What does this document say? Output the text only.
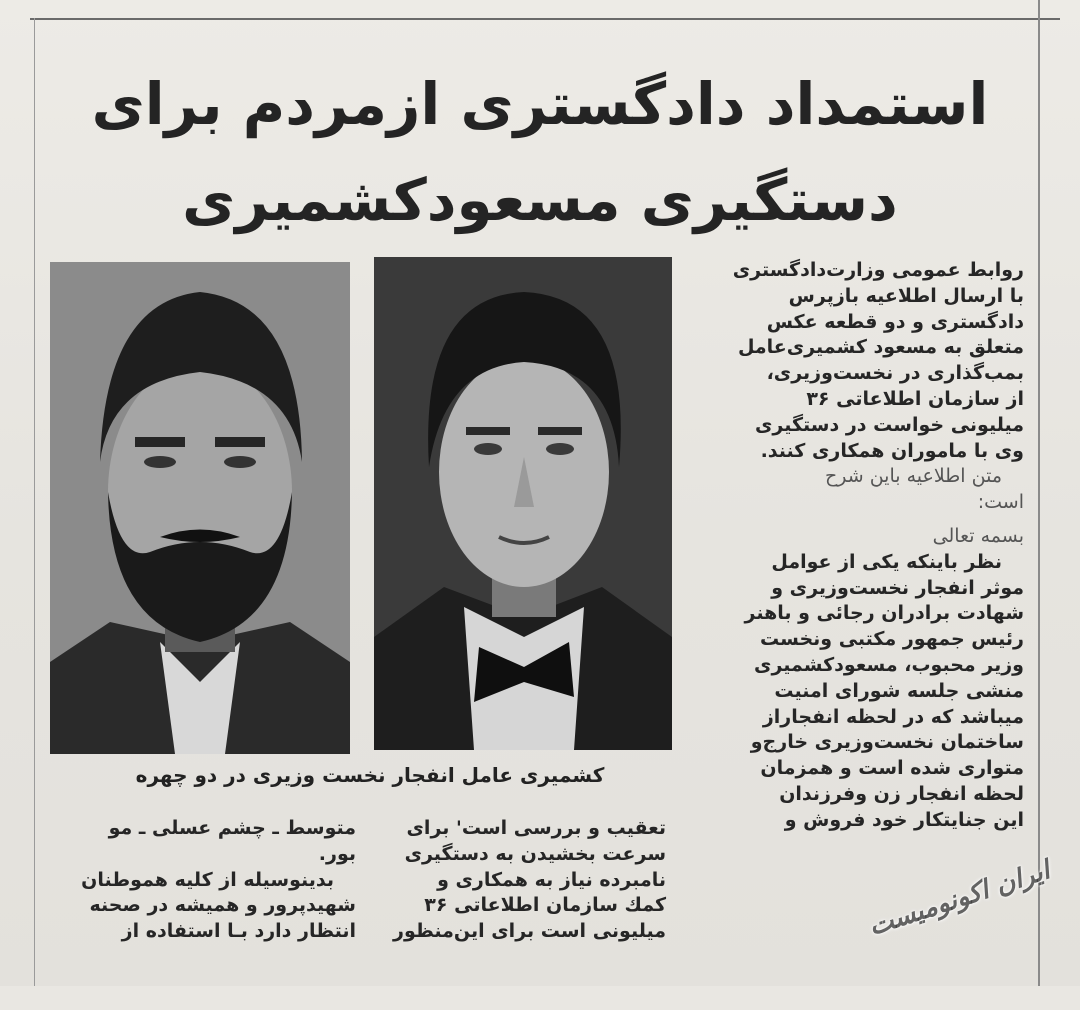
استمداد دادگستری ازمردم برای
دستگیری مسعودکشمیری
کشمیری عامل انفجار نخست وزیری در دو چهره

روابط عمومی وزارت‌دادگستری

با ارسال اطلاعیه بازپرس

دادگستری و دو قطعه عکس

متعلق به مسعود کشمیری‌عامل

بمب‌گذاری در نخست‌وزیری،

از سازمان اطلاعاتی ۳۶

میلیونی خواست در دستگیری

وی با ماموران همکاری کنند.

متن اطلاعیه باین شرح

است:

بسمه تعالی

نظر باینکه یکی از عوامل

موثر انفجار نخست‌وزیری و

شهادت برادران رجائی و باهنر

رئیس جمهور مکتبی ونخست

وزیر محبوب، مسعودکشمیری

منشی جلسه شورای امنیت

میباشد که در لحظه انفجاراز

ساختمان نخست‌وزیری خارج‌و

متواری شده است و همزمان

لحظه انفجار زن وفرزندان

این جنایتکار خود فروش و

تعقیب و بررسی است' برای

سرعت بخشیدن به دستگیری

نامبرده نیاز به همکاری و

کمك سازمان اطلاعاتی ۳۶

میلیونی است برای این‌منظور

متوسط ـ چشم عسلی ـ مو

بور.

بدینوسیله از کلیه هموطنان

شهیدپرور و همیشه در صحنه

انتظار دارد بـا استفاده از	ایران اکونومیست
